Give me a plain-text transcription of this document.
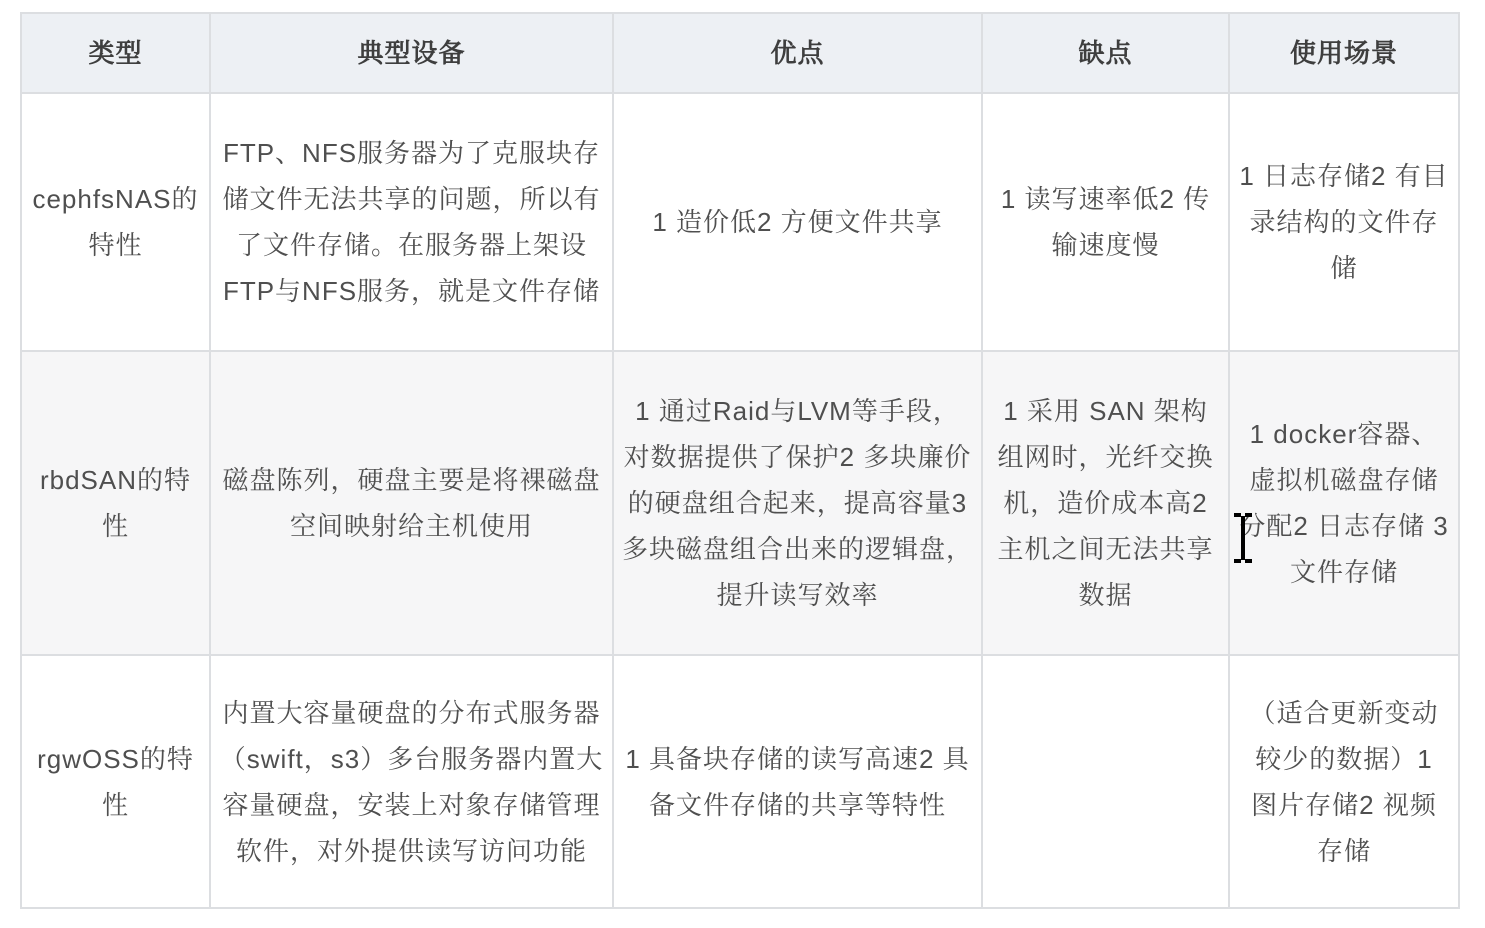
类型	典型设备	优点	缺点	使用场景
cephfsNAS的特性	FTP、NFS服务器为了克服块存储文件无法共享的问题，所以有了文件存储。在服务器上架设FTP与NFS服务，就是文件存储	1 造价低2 方便文件共享	1 读写速率低2 传输速度慢	1 日志存储2 有目录结构的文件存储
rbdSAN的特性	磁盘陈列，硬盘主要是将裸磁盘空间映射给主机使用	1 通过Raid与LVM等手段，对数据提供了保护2 多块廉价的硬盘组合起来，提高容量3 多块磁盘组合出来的逻辑盘，提升读写效率	1 采用 SAN 架构组网时，光纤交换机，造价成本高2 主机之间无法共享数据	1 docker容器、虚拟机磁盘存储分配2 日志存储 3 文件存储
rgwOSS的特性	内置大容量硬盘的分布式服务器（swift，s3）多台服务器内置大容量硬盘，安装上对象存储管理软件，对外提供读写访问功能	1 具备块存储的读写高速2 具备文件存储的共享等特性		（适合更新变动较少的数据）1 图片存储2 视频存储
